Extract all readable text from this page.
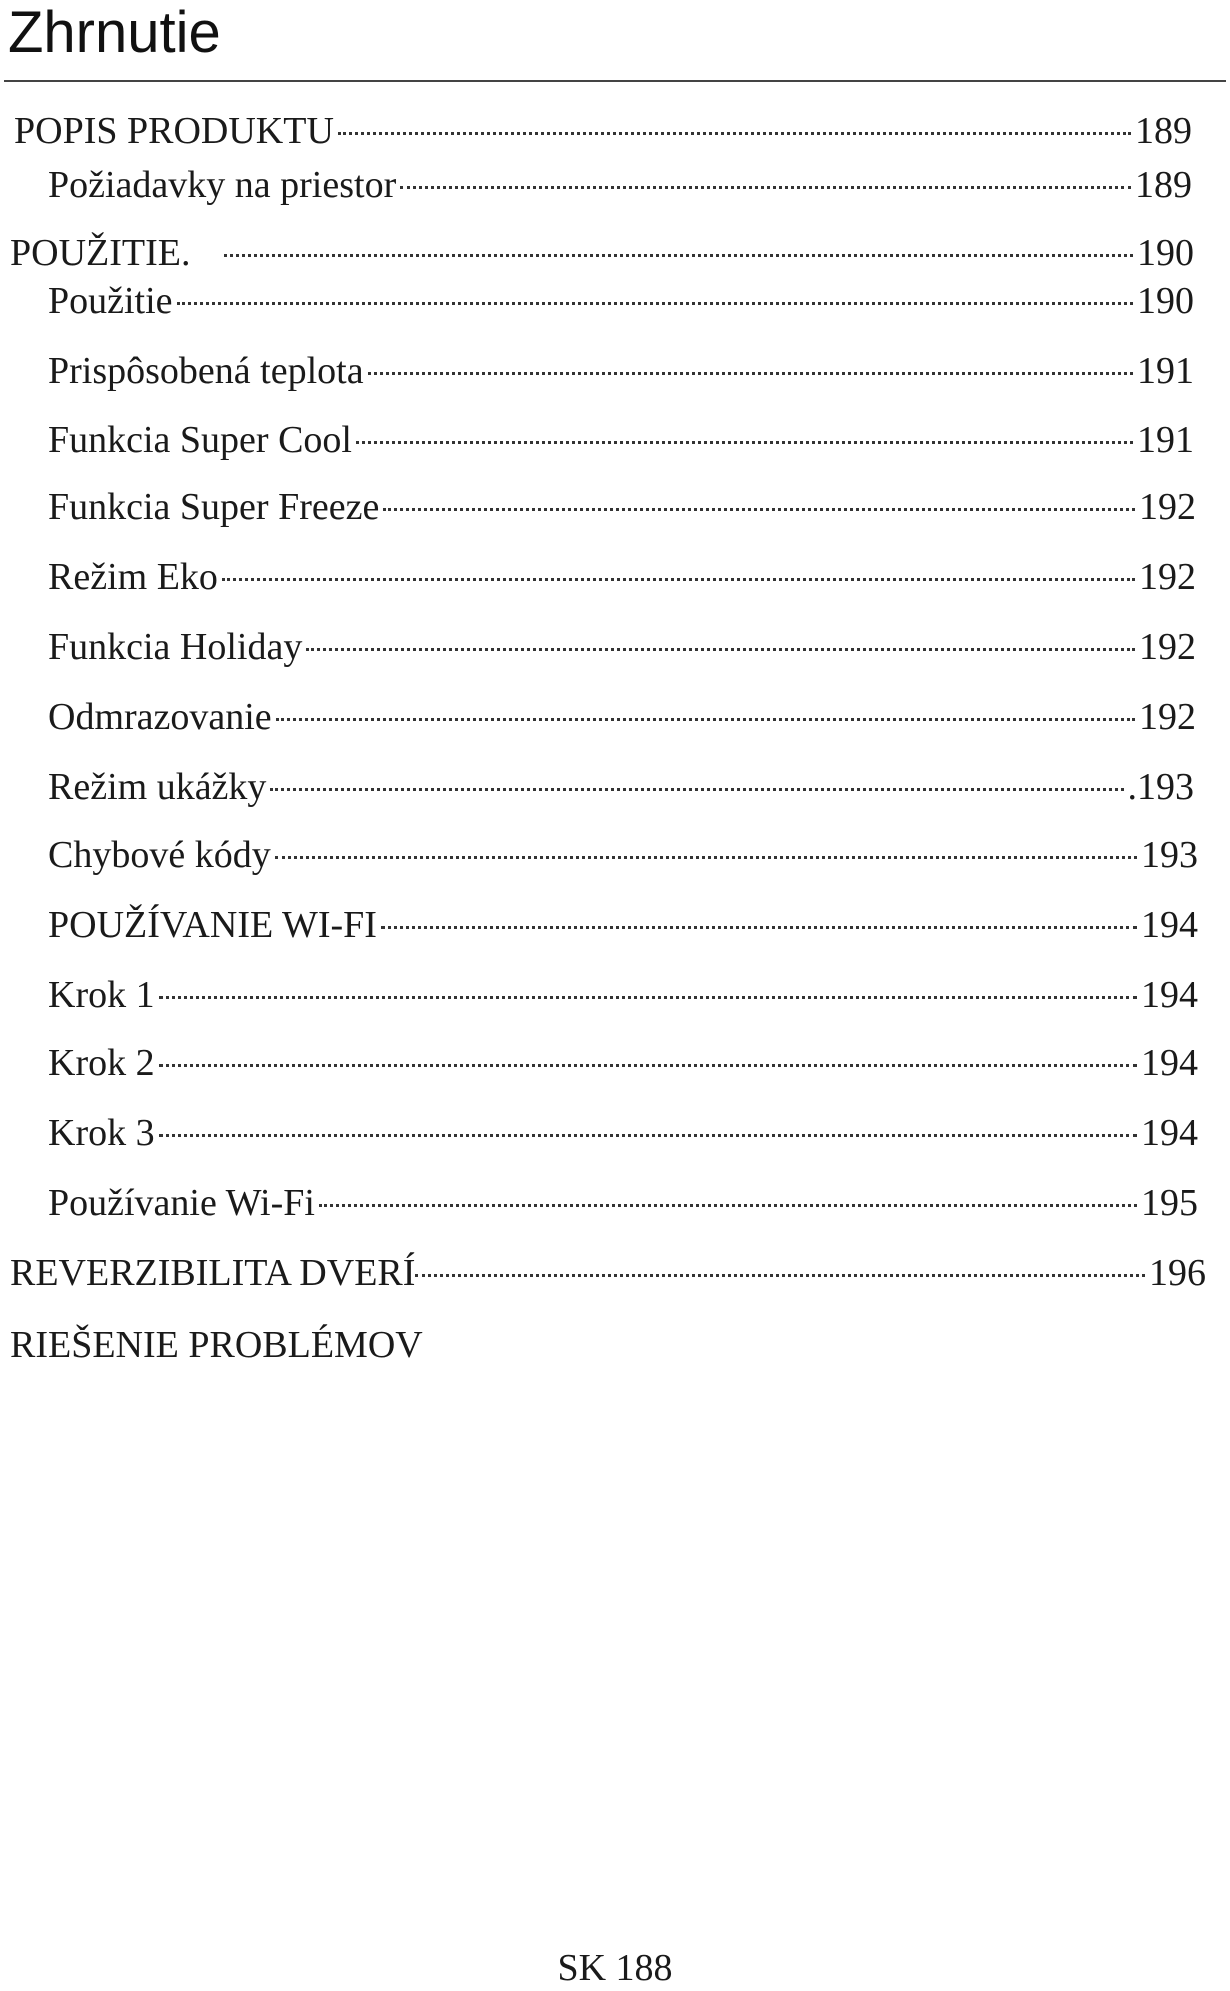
Zhrnutie
POPIS PRODUKTU	189
Požiadavky na priestor	189
POUŽITIE.	190
Použitie	190
Prispôsobená teplota	191
Funkcia Super Cool	191
Funkcia Super Freeze	192
Režim Eko	192
Funkcia Holiday	192
Odmrazovanie	192
Režim ukážky	.193
Chybové kódy	193
POUŽÍVANIE WI-FI	194
Krok 1	194
Krok 2	194
Krok 3	194
Používanie Wi-Fi	195
REVERZIBILITA DVERÍ	196
RIEŠENIE PROBLÉMOV
SK 188
